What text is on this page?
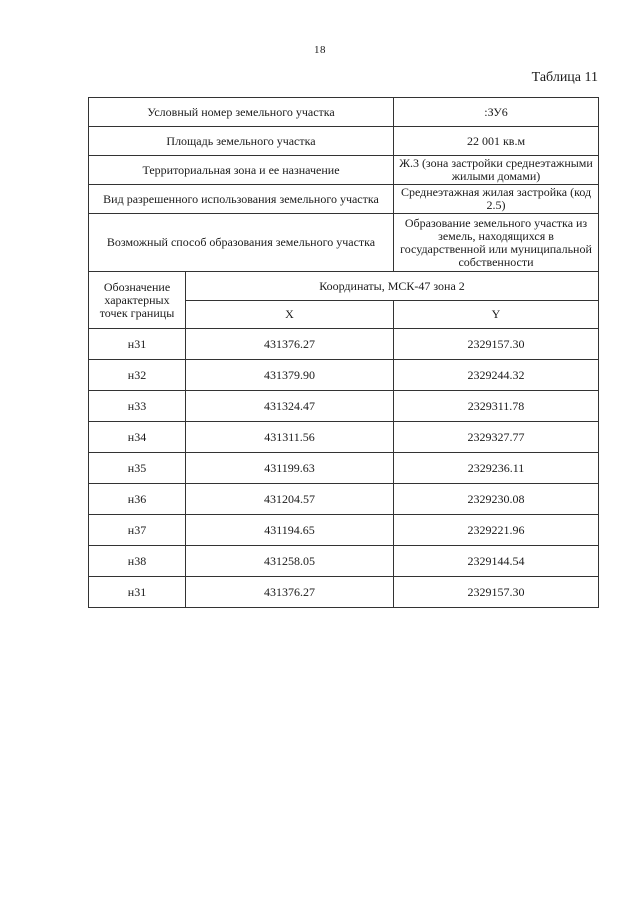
18
Таблица 11
Условный номер земельного участка		:ЗУ6
Площадь земельного участка		22 001 кв.м
Территориальная зона и ее назначение		Ж.3 (зона застройки среднеэтажными жилыми домами)
Вид разрешенного использования земельного участка		Среднеэтажная жилая застройка (код 2.5)
Возможный способ образования земельного участка		Образование земельного участка из земель, находящихся в государственной или муниципальной собственности
Обозначение характерных точек границы	Координаты, МСК-47 зона 2	
	X	Y
н31	431376.27	2329157.30
н32	431379.90	2329244.32
н33	431324.47	2329311.78
н34	431311.56	2329327.77
н35	431199.63	2329236.11
н36	431204.57	2329230.08
н37	431194.65	2329221.96
н38	431258.05	2329144.54
н31	431376.27	2329157.30
